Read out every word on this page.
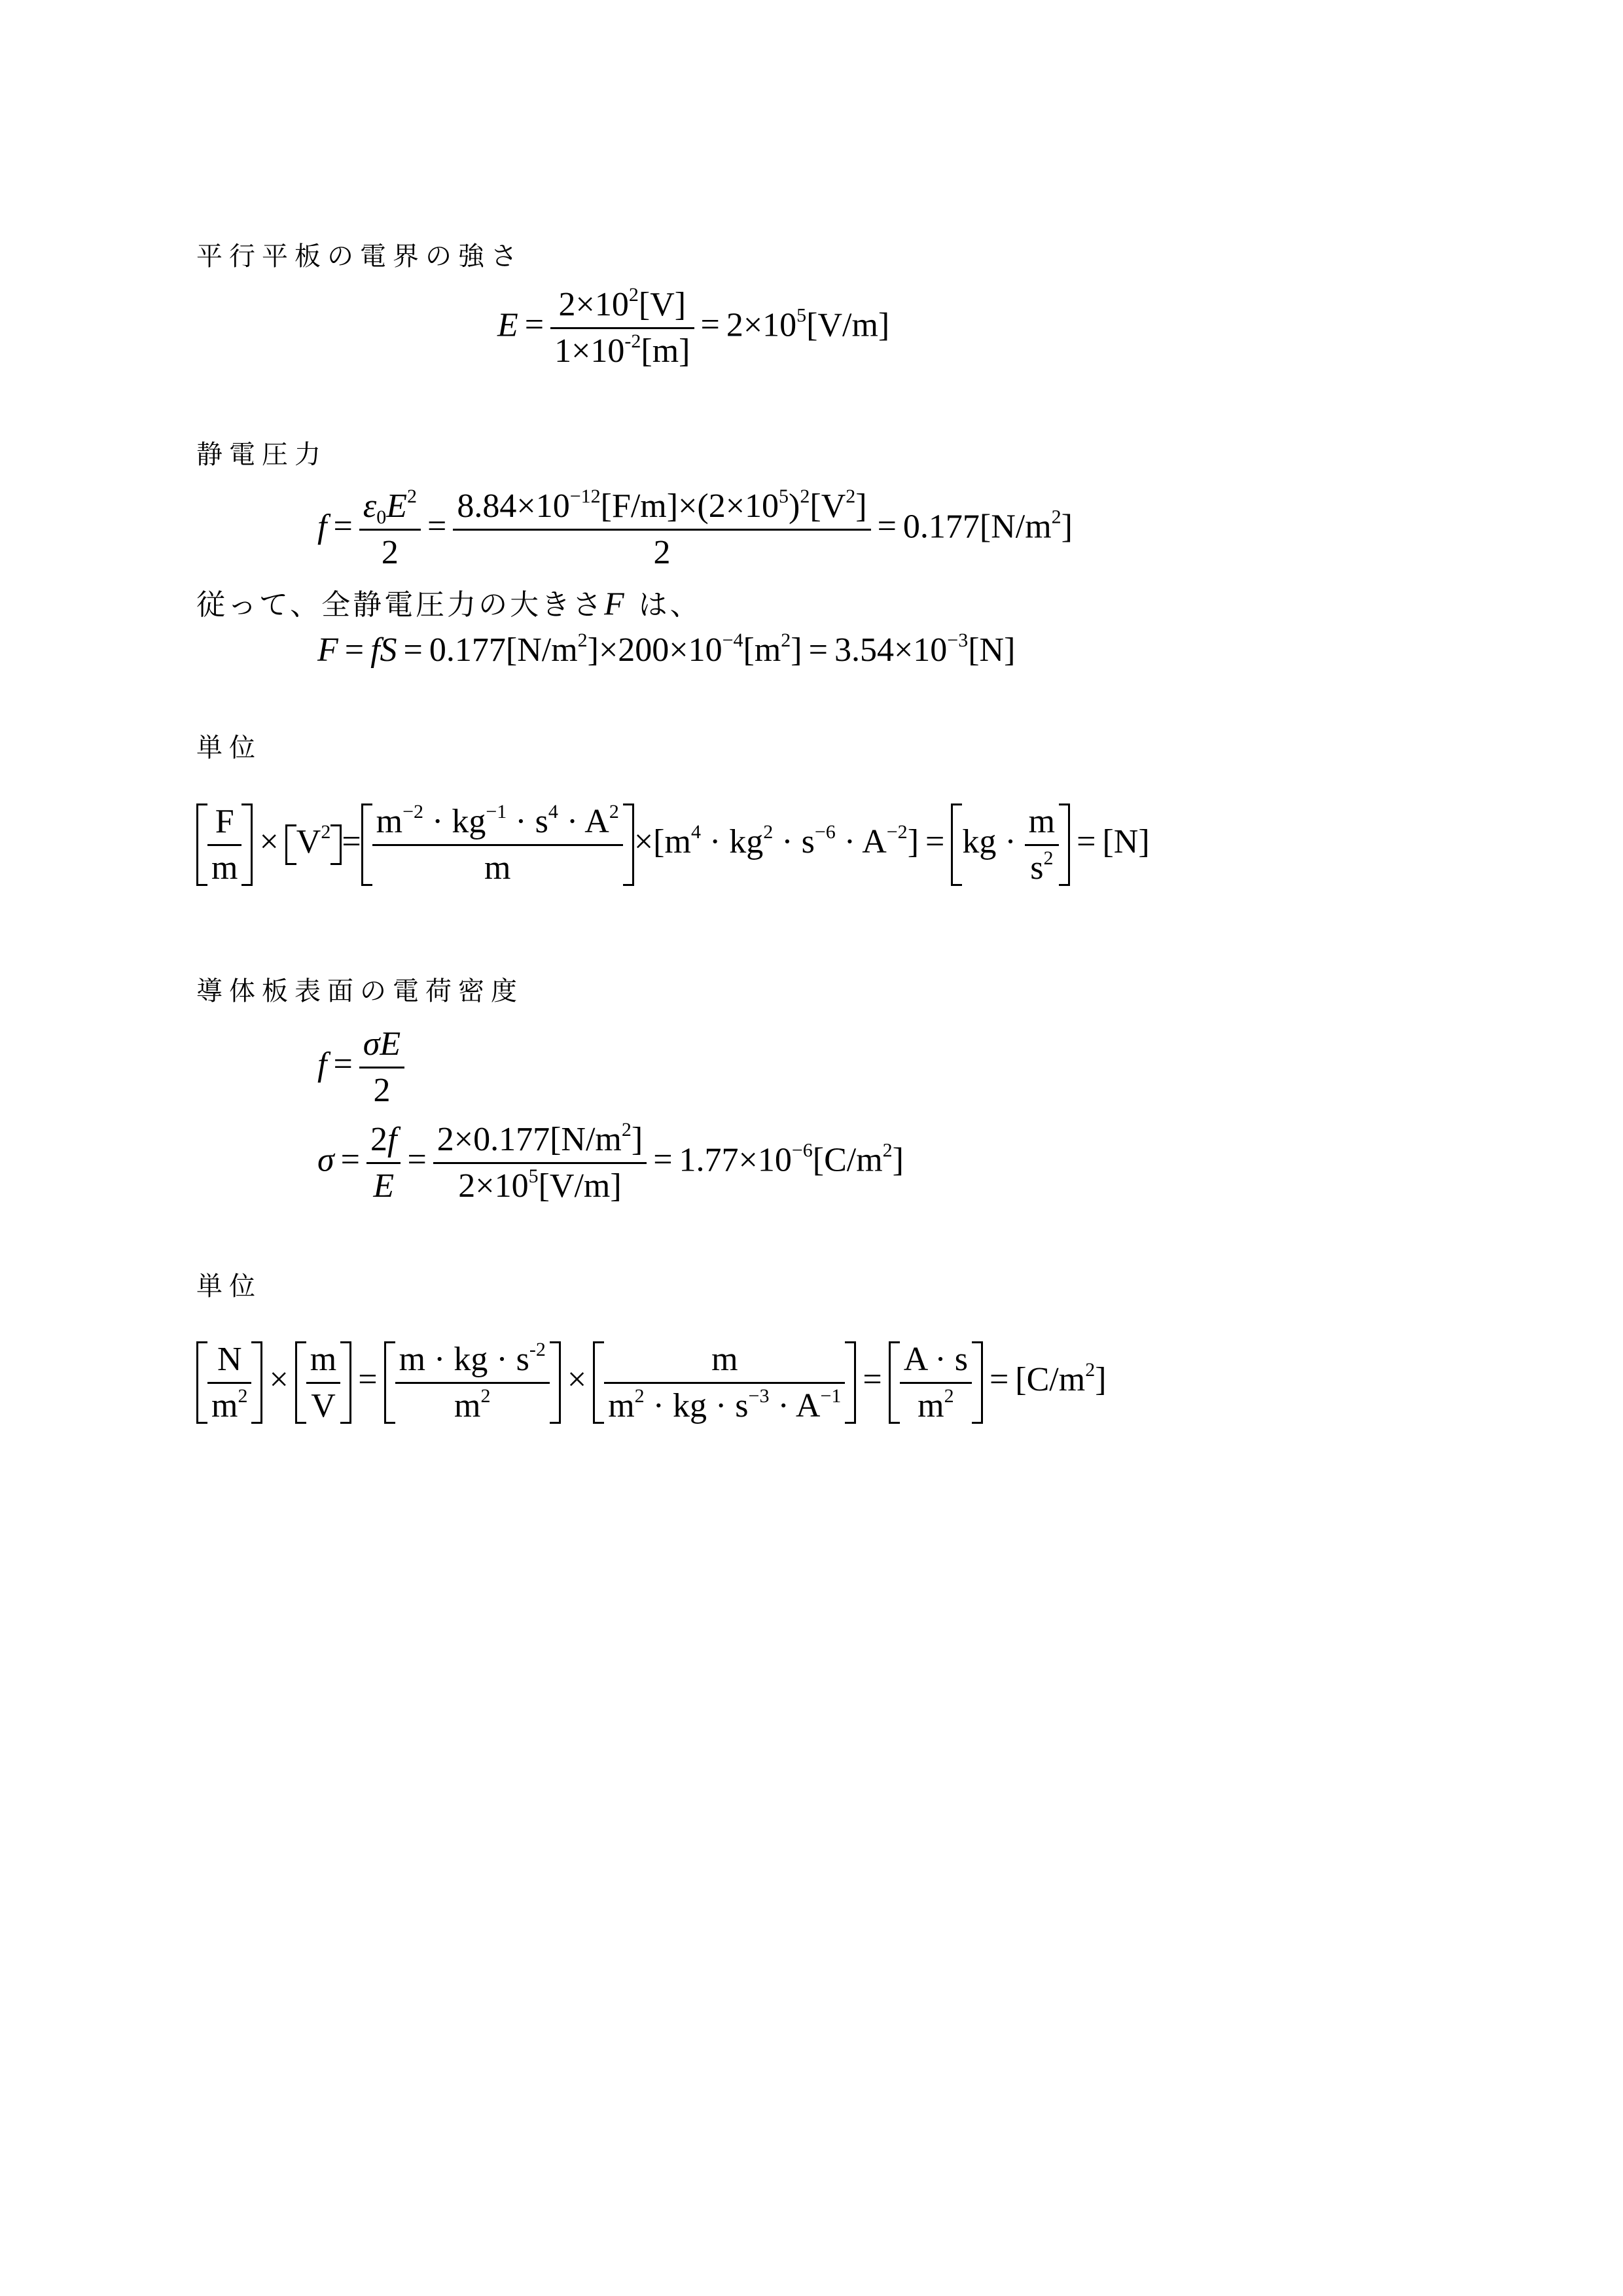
平行平板の電界の強さ
$E = \frac{2\times 10^2[V]}{1\times 10^{-2}[m]} = 2\times 10^5[V/m]$
静電圧力
$f = \frac{\varepsilon_0E^2}{2} = \frac{8.84\times 10^{-12}[F/m]\times(2\times 10^5)^2[V^2]}{2} = 0.177[N/m^2]$
従って、全静電圧力の大きさF は、
F = fS = $0.177[N/m^2]\times 200\times 10^{-4}[m^2] = 3.54\times 10^{-3}[N]$
単位
$\frac{F}{m} \times V^2 = \frac{m^{-2} \cdot kg^{-1} \cdot s^4 \cdot A^2}{m} \times[m^4 \cdot kg^2 \cdot s^{-6} \cdot A^{-2}]$ = kg · $\frac{m}{s^2} = [N]$
導体板表面の電荷密度
$f = \frac{\sigma E}{2}$
$\sigma = \frac{2f}{E} = \frac{2\times 0.177[N/m^2]}{2\times 10^5[V/m]} = 1.77\times 10^{-6}[C/m^2]$
単位
$\frac{N}{m^2} \times \frac{m}{V} = \frac{m \cdot kg \cdot s^{-2}}{m^2} \times \frac{m}{m^2 \cdot kg \cdot s^{-3} \cdot A^{-1}} = \frac{A \cdot s}{m^2} = [C/m^2]$
